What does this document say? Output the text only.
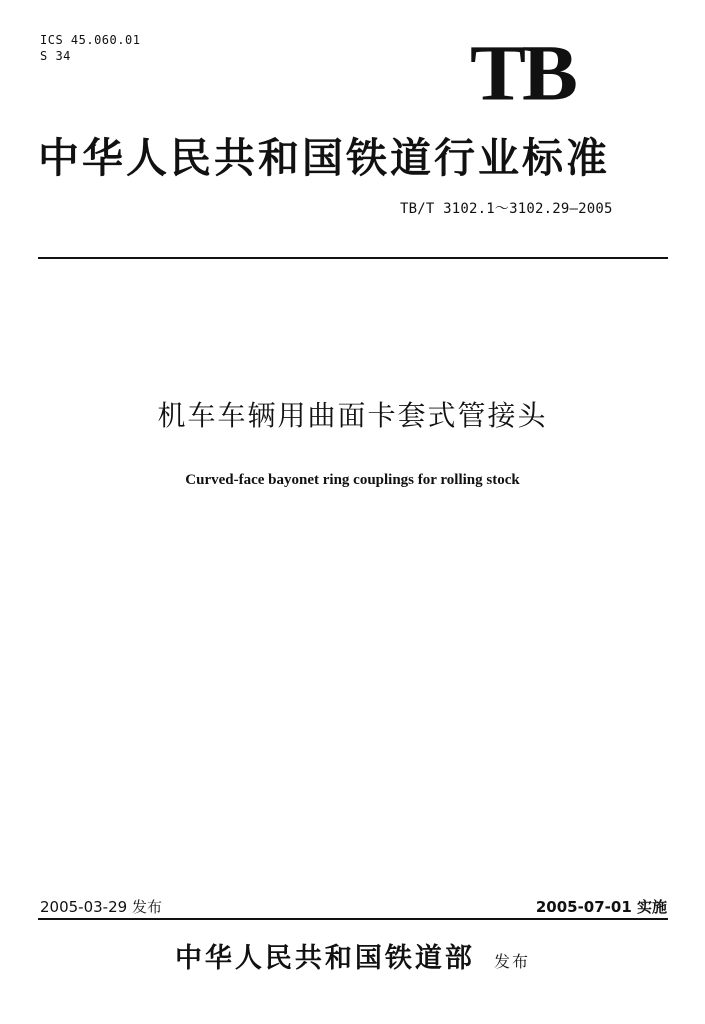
ICS 45.060.01
S 34	TB
中华人民共和国铁道行业标准
TB/T 3102.1～3102.29—2005
机车车辆用曲面卡套式管接头
Curved-face bayonet ring couplings for rolling stock
2005-03-29 发布	2005-07-01 实施
中华人民共和国铁道部 发布
